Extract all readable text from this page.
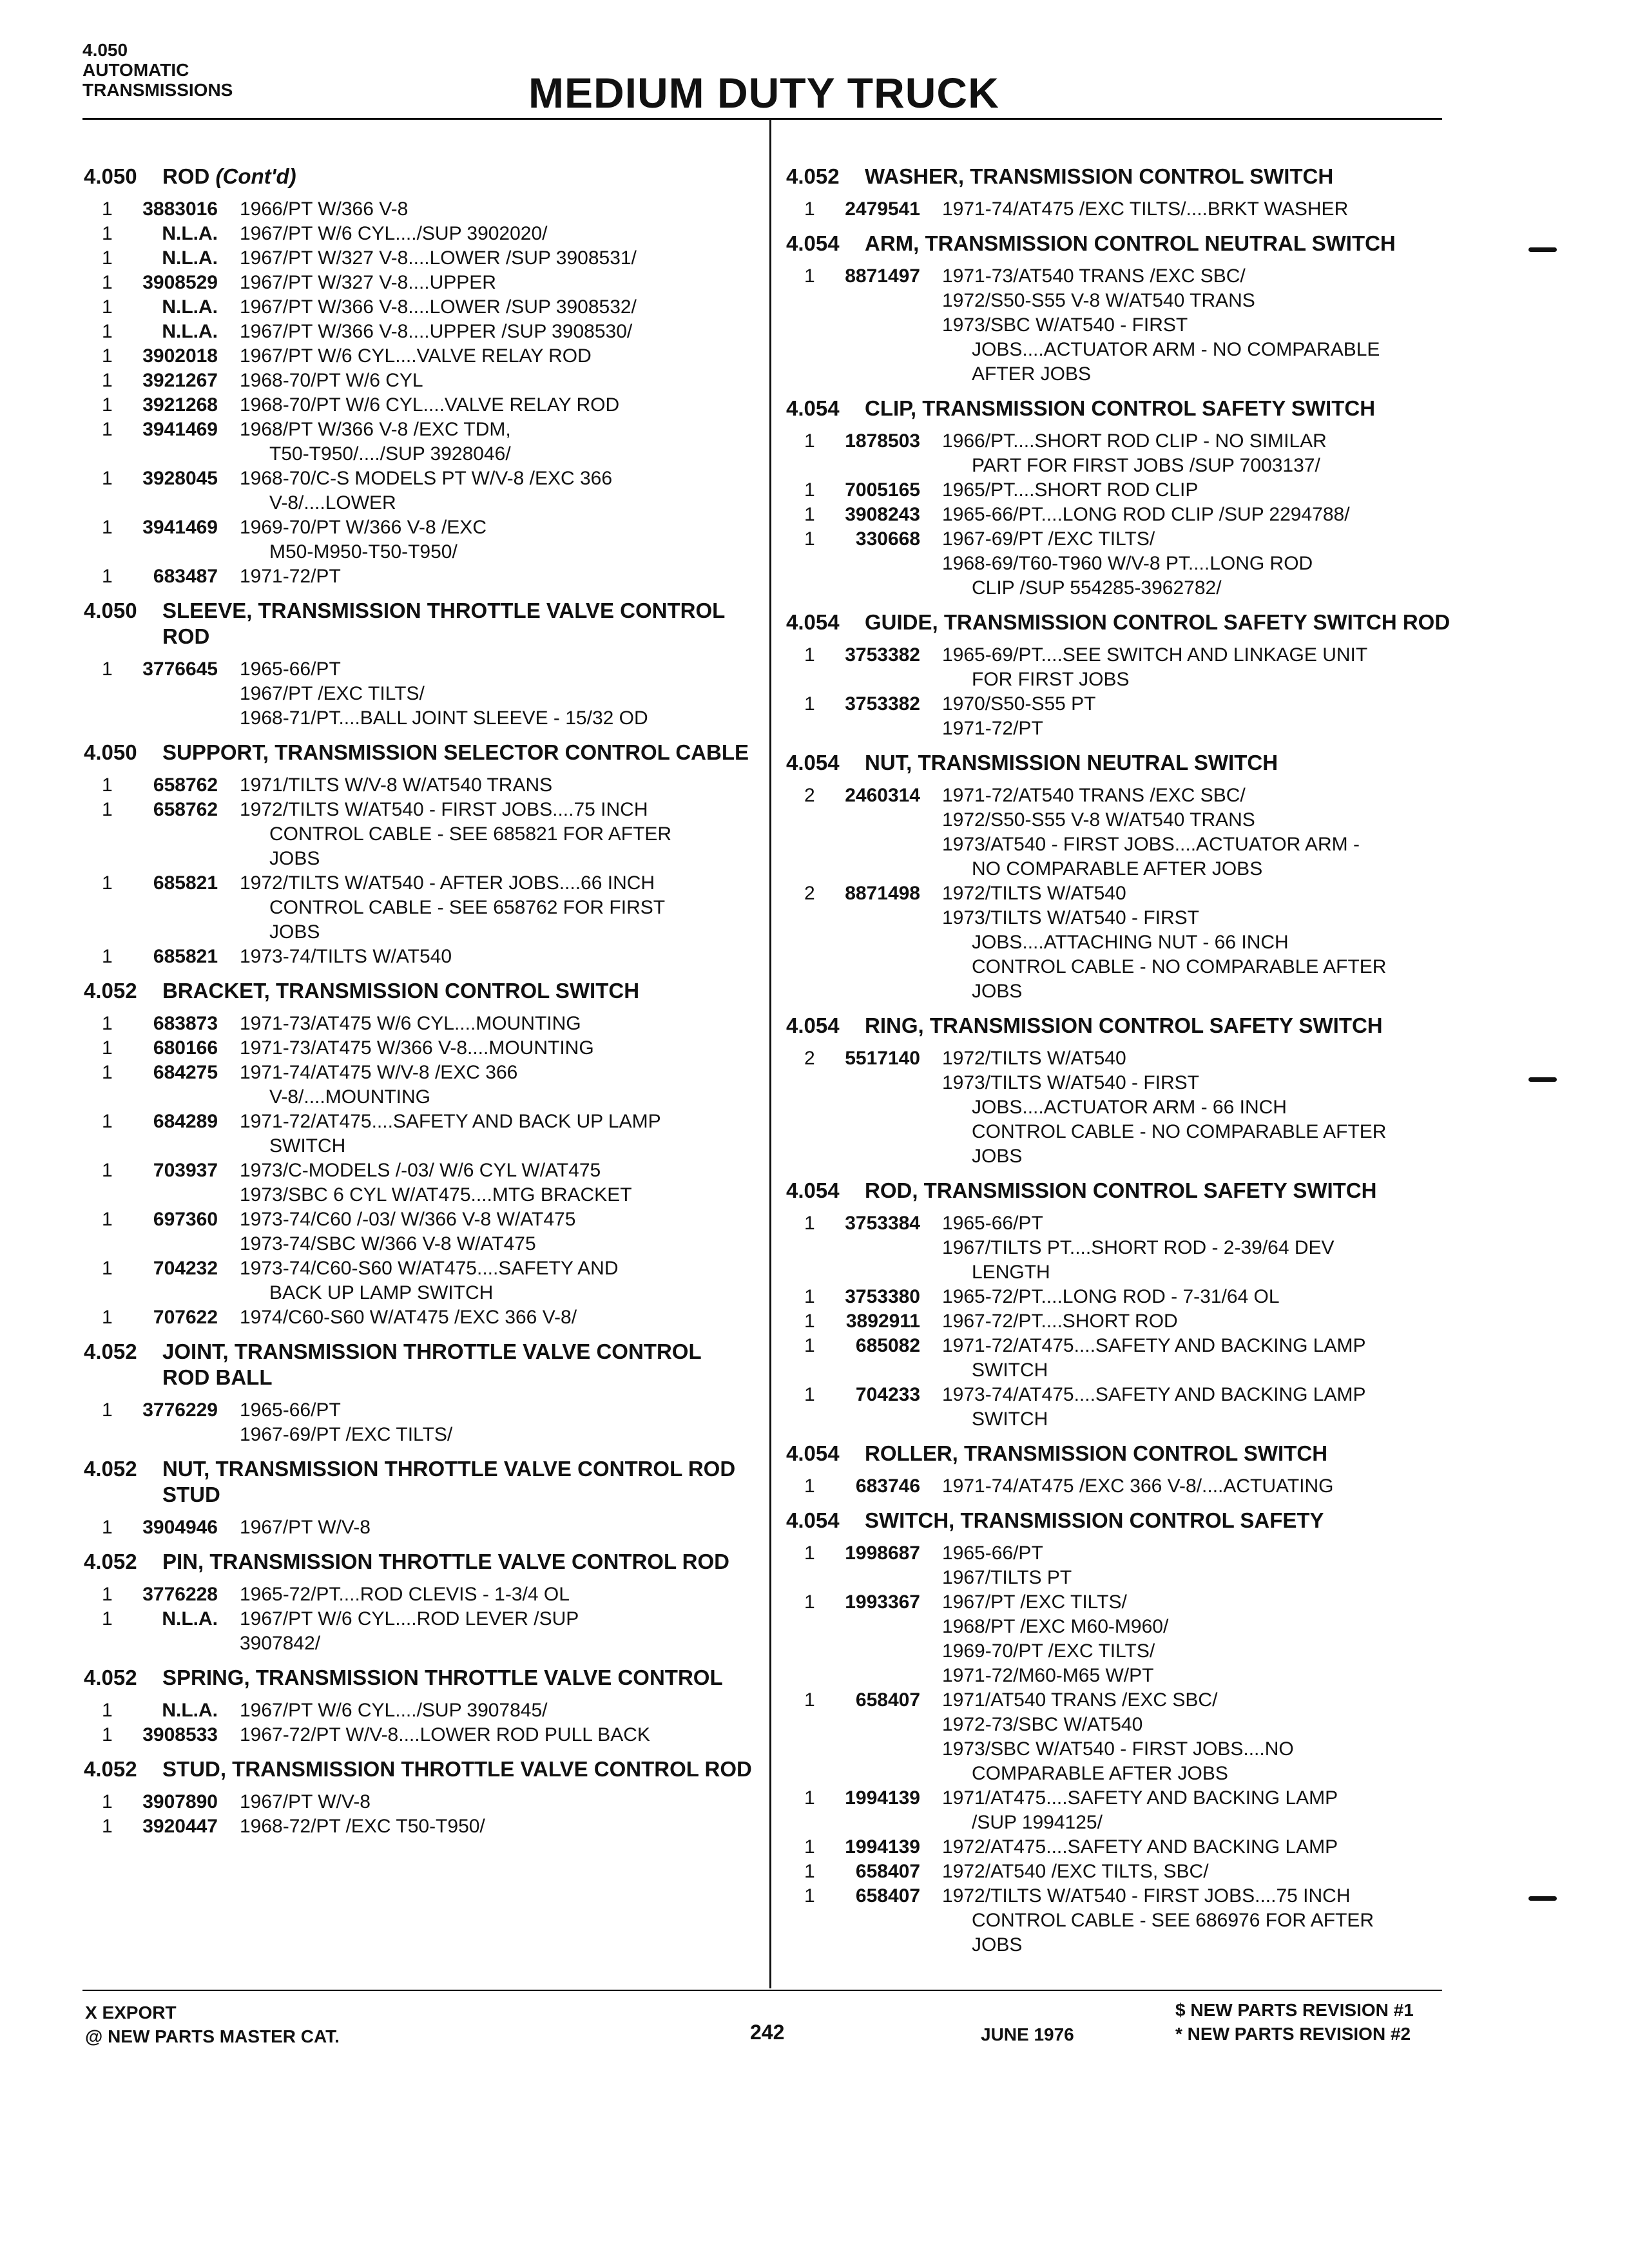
4.050
AUTOMATIC
TRANSMISSIONS	MEDIUM DUTY TRUCK
4.050	ROD (Cont'd)
1	3883016	1966/PT W/366 V-8
1	N.L.A.	1967/PT W/6 CYL..../SUP 3902020/
1	N.L.A.	1967/PT W/327 V-8....LOWER /SUP 3908531/
1	3908529	1967/PT W/327 V-8....UPPER
1	N.L.A.	1967/PT W/366 V-8....LOWER /SUP 3908532/
1	N.L.A.	1967/PT W/366 V-8....UPPER /SUP 3908530/
1	3902018	1967/PT W/6 CYL....VALVE RELAY ROD
1	3921267	1968-70/PT W/6 CYL
1	3921268	1968-70/PT W/6 CYL....VALVE RELAY ROD
1	3941469	1968/PT W/366 V-8 /EXC TDM,
T50-T950/..../SUP 3928046/
1	3928045	1968-70/C-S MODELS PT W/V-8 /EXC 366
V-8/....LOWER
1	3941469	1969-70/PT W/366 V-8 /EXC
M50-M950-T50-T950/
1	683487	1971-72/PT
4.050	SLEEVE, TRANSMISSION THROTTLE VALVE CONTROL ROD
1	3776645	1965-66/PT
1967/PT /EXC TILTS/
1968-71/PT....BALL JOINT SLEEVE - 15/32 OD
4.050	SUPPORT, TRANSMISSION SELECTOR CONTROL CABLE
1	658762	1971/TILTS W/V-8 W/AT540 TRANS
1	658762	1972/TILTS W/AT540 - FIRST JOBS....75 INCH
CONTROL CABLE - SEE 685821 FOR AFTER
JOBS
1	685821	1972/TILTS W/AT540 - AFTER JOBS....66 INCH
CONTROL CABLE - SEE 658762 FOR FIRST
JOBS
1	685821	1973-74/TILTS W/AT540
4.052	BRACKET, TRANSMISSION CONTROL SWITCH
1	683873	1971-73/AT475 W/6 CYL....MOUNTING
1	680166	1971-73/AT475 W/366 V-8....MOUNTING
1	684275	1971-74/AT475 W/V-8 /EXC 366
V-8/....MOUNTING
1	684289	1971-72/AT475....SAFETY AND BACK UP LAMP
SWITCH
1	703937	1973/C-MODELS /-03/ W/6 CYL W/AT475
1973/SBC 6 CYL W/AT475....MTG BRACKET
1	697360	1973-74/C60 /-03/ W/366 V-8 W/AT475
1973-74/SBC W/366 V-8 W/AT475
1	704232	1973-74/C60-S60 W/AT475....SAFETY AND
BACK UP LAMP SWITCH
1	707622	1974/C60-S60 W/AT475 /EXC 366 V-8/
4.052	JOINT, TRANSMISSION THROTTLE VALVE CONTROL ROD BALL
1	3776229	1965-66/PT
1967-69/PT /EXC TILTS/
4.052	NUT, TRANSMISSION THROTTLE VALVE CONTROL ROD STUD
1	3904946	1967/PT W/V-8
4.052	PIN, TRANSMISSION THROTTLE VALVE CONTROL ROD
1	3776228	1965-72/PT....ROD CLEVIS - 1-3/4 OL
1	N.L.A.	1967/PT W/6 CYL....ROD LEVER /SUP
3907842/
4.052	SPRING, TRANSMISSION THROTTLE VALVE CONTROL
1	N.L.A.	1967/PT W/6 CYL..../SUP 3907845/
1	3908533	1967-72/PT W/V-8....LOWER ROD PULL BACK
4.052	STUD, TRANSMISSION THROTTLE VALVE CONTROL ROD
1	3907890	1967/PT W/V-8
1	3920447	1968-72/PT /EXC T50-T950/
4.052	WASHER, TRANSMISSION CONTROL SWITCH
1	2479541	1971-74/AT475 /EXC TILTS/....BRKT WASHER
4.054	ARM, TRANSMISSION CONTROL NEUTRAL SWITCH
1	8871497	1971-73/AT540 TRANS /EXC SBC/
1972/S50-S55 V-8 W/AT540 TRANS
1973/SBC W/AT540 - FIRST
JOBS....ACTUATOR ARM - NO COMPARABLE
AFTER JOBS
4.054	CLIP, TRANSMISSION CONTROL SAFETY SWITCH
1	1878503	1966/PT....SHORT ROD CLIP - NO SIMILAR
PART FOR FIRST JOBS /SUP 7003137/
1	7005165	1965/PT....SHORT ROD CLIP
1	3908243	1965-66/PT....LONG ROD CLIP /SUP 2294788/
1	330668	1967-69/PT /EXC TILTS/
1968-69/T60-T960 W/V-8 PT....LONG ROD
CLIP /SUP 554285-3962782/
4.054	GUIDE, TRANSMISSION CONTROL SAFETY SWITCH ROD
1	3753382	1965-69/PT....SEE SWITCH AND LINKAGE UNIT
FOR FIRST JOBS
1	3753382	1970/S50-S55 PT
1971-72/PT
4.054	NUT, TRANSMISSION NEUTRAL SWITCH
2	2460314	1971-72/AT540 TRANS /EXC SBC/
1972/S50-S55 V-8 W/AT540 TRANS
1973/AT540 - FIRST JOBS....ACTUATOR ARM -
NO COMPARABLE AFTER JOBS
2	8871498	1972/TILTS W/AT540
1973/TILTS W/AT540 - FIRST
JOBS....ATTACHING NUT - 66 INCH
CONTROL CABLE - NO COMPARABLE AFTER
JOBS
4.054	RING, TRANSMISSION CONTROL SAFETY SWITCH
2	5517140	1972/TILTS W/AT540
1973/TILTS W/AT540 - FIRST
JOBS....ACTUATOR ARM - 66 INCH
CONTROL CABLE - NO COMPARABLE AFTER
JOBS
4.054	ROD, TRANSMISSION CONTROL SAFETY SWITCH
1	3753384	1965-66/PT
1967/TILTS PT....SHORT ROD - 2-39/64 DEV
LENGTH
1	3753380	1965-72/PT....LONG ROD - 7-31/64 OL
1	3892911	1967-72/PT....SHORT ROD
1	685082	1971-72/AT475....SAFETY AND BACKING LAMP
SWITCH
1	704233	1973-74/AT475....SAFETY AND BACKING LAMP
SWITCH
4.054	ROLLER, TRANSMISSION CONTROL SWITCH
1	683746	1971-74/AT475 /EXC 366 V-8/....ACTUATING
4.054	SWITCH, TRANSMISSION CONTROL SAFETY
1	1998687	1965-66/PT
1967/TILTS PT
1	1993367	1967/PT /EXC TILTS/
1968/PT /EXC M60-M960/
1969-70/PT /EXC TILTS/
1971-72/M60-M65 W/PT
1	658407	1971/AT540 TRANS /EXC SBC/
1972-73/SBC W/AT540
1973/SBC W/AT540 - FIRST JOBS....NO
COMPARABLE AFTER JOBS
1	1994139	1971/AT475....SAFETY AND BACKING LAMP
/SUP 1994125/
1	1994139	1972/AT475....SAFETY AND BACKING LAMP
1	658407	1972/AT540 /EXC TILTS, SBC/
1	658407	1972/TILTS W/AT540 - FIRST JOBS....75 INCH
CONTROL CABLE - SEE 686976 FOR AFTER
JOBS
X EXPORT
@ NEW PARTS MASTER CAT.	242	JUNE 1976
$ NEW PARTS REVISION #1
* NEW PARTS REVISION #2
